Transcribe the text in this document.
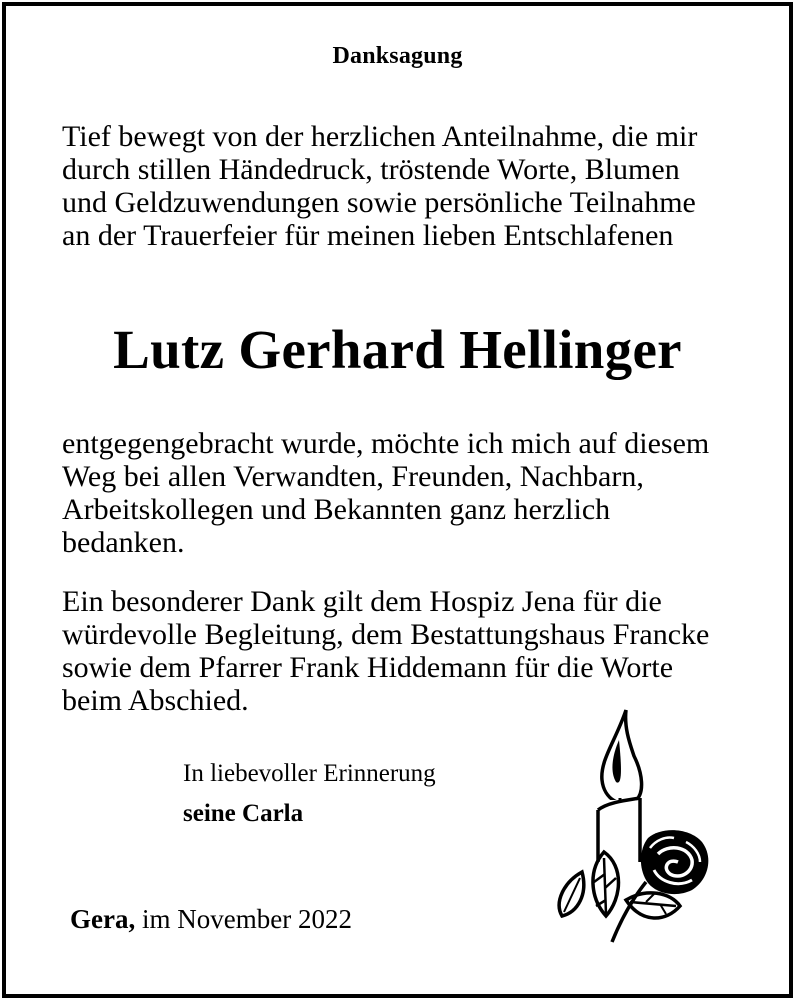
Danksagung
Tief bewegt von der herzlichen Anteilnahme, die mir
durch stillen Händedruck, tröstende Worte, Blumen
und Geldzuwendungen sowie persönliche Teilnahme
an der Trauerfeier für meinen lieben Entschlafenen
Lutz Gerhard Hellinger
entgegengebracht wurde, möchte ich mich auf diesem
Weg bei allen Verwandten, Freunden, Nachbarn,
Arbeitskollegen und Bekannten ganz herzlich
bedanken.
Ein besonderer Dank gilt dem Hospiz Jena für die
würdevolle Begleitung, dem Bestattungshaus Francke
sowie dem Pfarrer Frank Hiddemann für die Worte
beim Abschied.
In liebevoller Erinnerung
seine Carla
Gera, im November 2022
